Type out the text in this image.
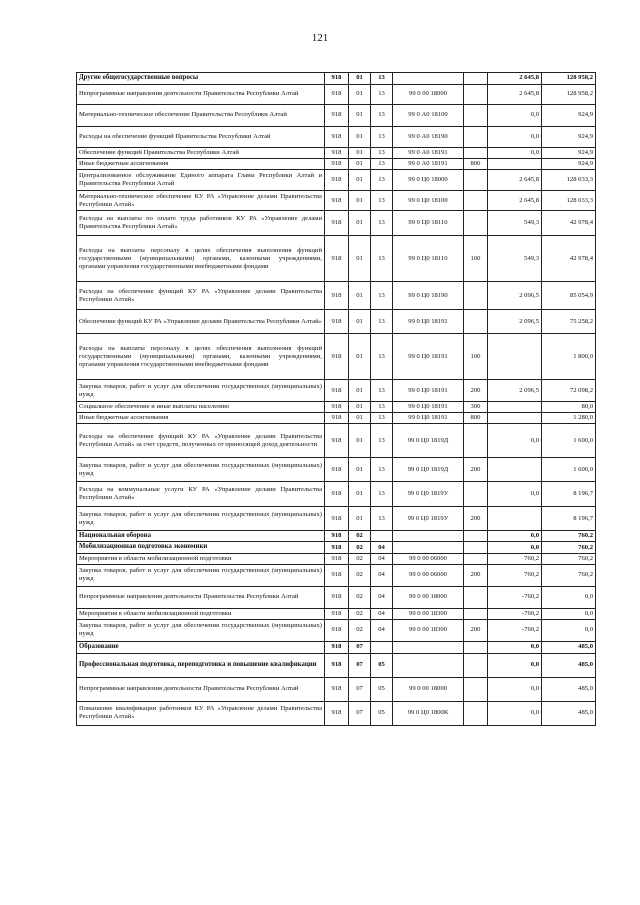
121
Другие общегосударственные вопросы	918	01	13			2 645,8	128 958,2
Непрограммные направления деятельности Правительства Республики Алтай	918	01	13	99 0 00 18000		2 645,8	128 958,2
Материально-техническое обеспечение Правительства Республики Алтай	918	01	13	99 0 А0 18100		0,0	924,9
Расходы на обеспечение функций Правительства Республики Алтай	918	01	13	99 0 А0 18190		0,0	924,9
Обеспечение функций Правительства Республики Алтай	918	01	13	99 0 А0 18191		0,0	924,9
Иные бюджетные ассигнования	918	01	13	99 0 А0 18191	800		924,9
Централизованное обслуживание Единого аппарата Главы Республики Алтай и Правительства Республики Алтай	918	01	13	99 0 Ц0 18000		2 645,8	128 033,3
Материально-техническое обеспечение КУ РА «Управление делами Правительства Республики Алтай»	918	01	13	99 0 Ц0 18100		2 645,8	128 033,3
Расходы на выплаты по оплате труда работников КУ РА «Управление делами Правительства Республики Алтай»	918	01	13	99 0 Ц0 18110		549,3	42 978,4
Расходы на выплаты персоналу в целях обеспечения выполнения функций государственными (муниципальными) органами, казенными учреждениями, органами управления государственными внебюджетными фондами	918	01	13	99 0 Ц0 18110	100	549,3	42 978,4
Расходы на обеспечение функций КУ РА «Управление делами Правительства Республики Алтай»	918	01	13	99 0 Ц0 18190		2 096,5	85 054,9
Обеспечение функций КУ РА «Управление делами Правительства Республики Алтай»	918	01	13	99 0 Ц0 18191		2 096,5	75 258,2
Расходы на выплаты персоналу в целях обеспечения выполнения функций государственными (муниципальными) органами, казенными учреждениями, органами управления государственными внебюджетными фондами	918	01	13	99 0 Ц0 18191	100		1 800,0
Закупка товаров, работ и услуг для обеспечения государственных (муниципальных) нужд	918	01	13	99 0 Ц0 18191	200	2 096,5	72 098,2
Социальное обеспечение и иные выплаты населению	918	01	13	99 0 Ц0 18191	300		80,0
Иные бюджетные ассигнования	918	01	13	99 0 Ц0 18191	800		1 280,0
Расходы на обеспечение функций КУ РА «Управление делами Правительства Республики Алтай» за счет средств, полученных от приносящей доход деятельности	918	01	13	99 0 Ц0 1819Д		0,0	1 600,0
Закупка товаров, работ и услуг для обеспечения государственных (муниципальных) нужд	918	01	13	99 0 Ц0 1819Д	200		1 600,0
Расходы на коммунальные услуги КУ РА «Управление делами Правительства Республики Алтай»	918	01	13	99 0 Ц0 1819У		0,0	8 196,7
Закупка товаров, работ и услуг для обеспечения государственных (муниципальных) нужд	918	01	13	99 0 Ц0 1819У	200		8 196,7
Национальная оборона	918	02				0,0	760,2
Мобилизационная подготовка экономики	918	02	04			0,0	760,2
Мероприятия в области мобилизационной подготовки	918	02	04	99 0 00 06000		760,2	760,2
Закупка товаров, работ и услуг для обеспечения государственных (муниципальных) нужд	918	02	04	99 0 00 06000	200	760,2	760,2
Непрограммные направления деятельности Правительства Республики Алтай	918	02	04	99 0 00 18000		-760,2	0,0
Мероприятия в области мобилизационной подготовки	918	02	04	99 0 00 18300		-760,2	0,0
Закупка товаров, работ и услуг для обеспечения государственных (муниципальных) нужд	918	02	04	99 0 00 18300	200	-760,2	0,0
Образование	918	07				0,0	485,0
Профессиональная подготовка, переподготовка и повышение квалификации	918	07	05			0,0	485,0
Непрограммные направления деятельности Правительства Республики Алтай	918	07	05	99 0 00 18000		0,0	485,0
Повышение квалификации работников КУ РА «Управление делами Правительства Республики Алтай»	918	07	05	99 0 Ц0 1800К		0,0	485,0
